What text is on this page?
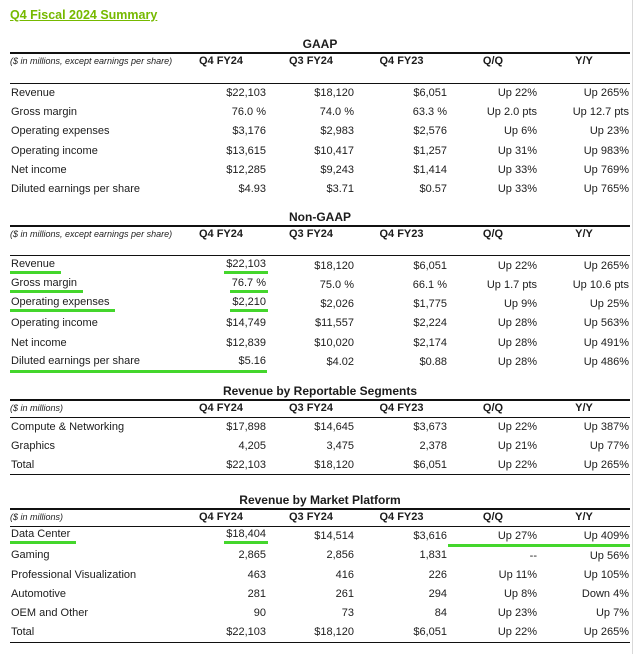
Q4 Fiscal 2024 Summary
GAAP
($ in millions, except earnings per share)	Q4 FY24	Q3 FY24	Q4 FY23	Q/Q	Y/Y
Revenue	$22,103	$18,120	$6,051	Up 22%	Up 265%
Gross margin	76.0 %	74.0 %	63.3 %	Up 2.0 pts	Up 12.7 pts
Operating expenses	$3,176	$2,983	$2,576	Up 6%	Up 23%
Operating income	$13,615	$10,417	$1,257	Up 31%	Up 983%
Net income	$12,285	$9,243	$1,414	Up 33%	Up 769%
Diluted earnings per share	$4.93	$3.71	$0.57	Up 33%	Up 765%
Non-GAAP
($ in millions, except earnings per share)	Q4 FY24	Q3 FY24	Q4 FY23	Q/Q	Y/Y
Revenue	$22,103	$18,120	$6,051	Up 22%	Up 265%
Gross margin	76.7 %	75.0 %	66.1 %	Up 1.7 pts	Up 10.6 pts
Operating expenses	$2,210	$2,026	$1,775	Up 9%	Up 25%
Operating income	$14,749	$11,557	$2,224	Up 28%	Up 563%
Net income	$12,839	$10,020	$2,174	Up 28%	Up 491%
Diluted earnings per share	$5.16	$4.02	$0.88	Up 28%	Up 486%
Revenue by Reportable Segments
($ in millions)	Q4 FY24	Q3 FY24	Q4 FY23	Q/Q	Y/Y
Compute & Networking	$17,898	$14,645	$3,673	Up 22%	Up 387%
Graphics	4,205	3,475	2,378	Up 21%	Up 77%
Total	$22,103	$18,120	$6,051	Up 22%	Up 265%
Revenue by Market Platform
($ in millions)	Q4 FY24	Q3 FY24	Q4 FY23	Q/Q	Y/Y
Data Center	$18,404	$14,514	$3,616	Up 27%	Up 409%
Gaming	2,865	2,856	1,831	--	Up 56%
Professional Visualization	463	416	226	Up 11%	Up 105%
Automotive	281	261	294	Up 8%	Down 4%
OEM and Other	90	73	84	Up 23%	Up 7%
Total	$22,103	$18,120	$6,051	Up 22%	Up 265%
